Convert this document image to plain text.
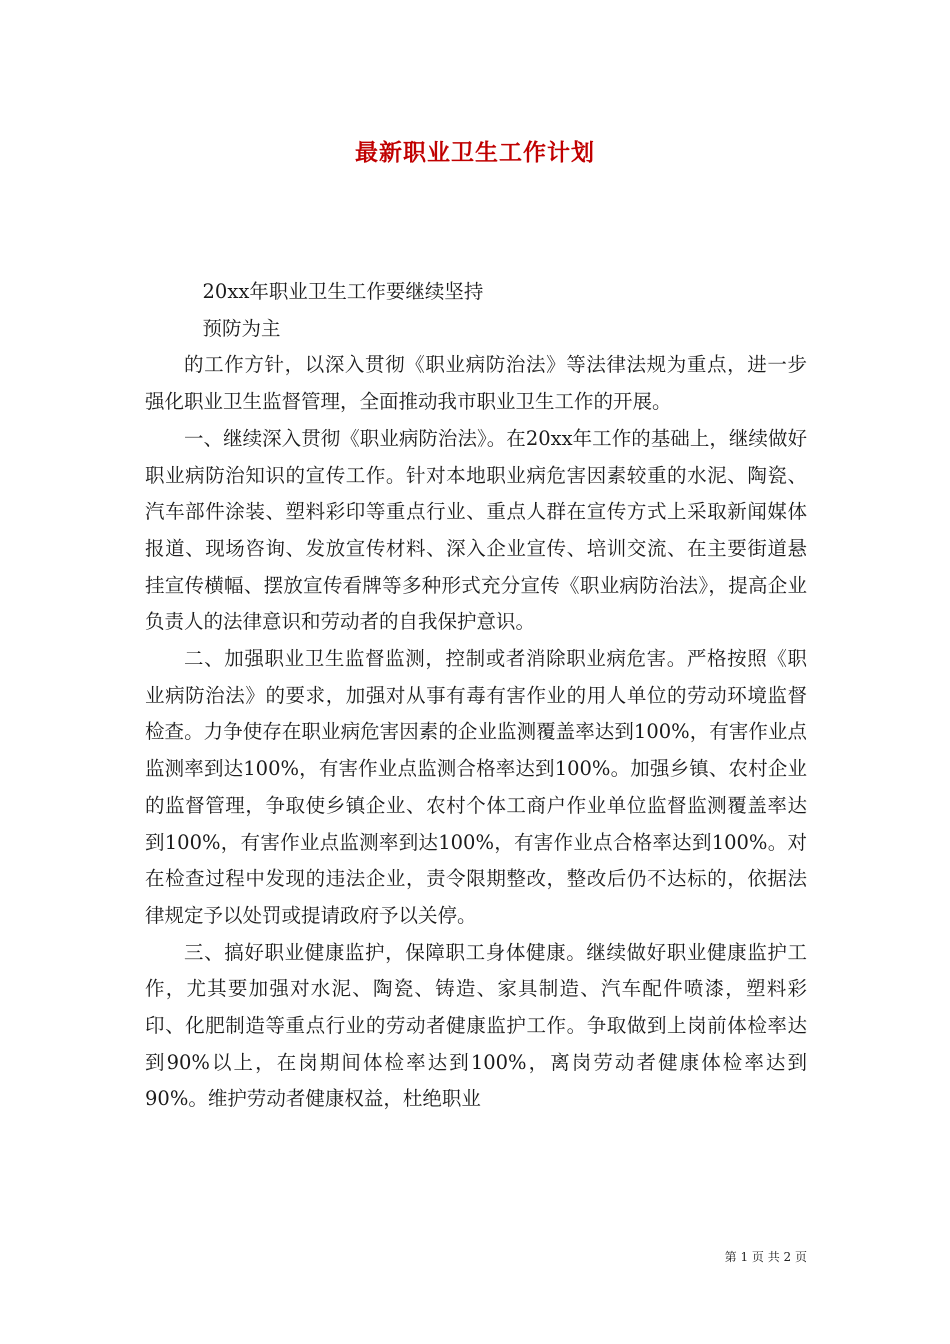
最新职业卫生工作计划

20xx年职业卫生工作要继续坚持

预防为主

的工作方针，以深入贯彻《职业病防治法》等法律法规为重点，进一步强化职业卫生监督管理，全面推动我市职业卫生工作的开展。

一、继续深入贯彻《职业病防治法》。在20xx年工作的基础上，继续做好职业病防治知识的宣传工作。针对本地职业病危害因素较重的水泥、陶瓷、汽车部件涂装、塑料彩印等重点行业、重点人群在宣传方式上采取新闻媒体报道、现场咨询、发放宣传材料、深入企业宣传、培训交流、在主要街道悬挂宣传横幅、摆放宣传看牌等多种形式充分宣传《职业病防治法》，提高企业负责人的法律意识和劳动者的自我保护意识。

二、加强职业卫生监督监测，控制或者消除职业病危害。严格按照《职业病防治法》的要求，加强对从事有毒有害作业的用人单位的劳动环境监督检查。力争使存在职业病危害因素的企业监测覆盖率达到100%，有害作业点监测率到达100%，有害作业点监测合格率达到100%。加强乡镇、农村企业的监督管理，争取使乡镇企业、农村个体工商户作业单位监督监测覆盖率达到100%，有害作业点监测率到达100%，有害作业点合格率达到100%。对在检查过程中发现的违法企业，责令限期整改，整改后仍不达标的，依据法律规定予以处罚或提请政府予以关停。

三、搞好职业健康监护，保障职工身体健康。继续做好职业健康监护工作，尤其要加强对水泥、陶瓷、铸造、家具制造、汽车配件喷漆，塑料彩印、化肥制造等重点行业的劳动者健康监护工作。争取做到上岗前体检率达到90%以上，在岗期间体检率达到100%，离岗劳动者健康体检率达到90%。维护劳动者健康权益，杜绝职业

第 1 页 共 2 页
